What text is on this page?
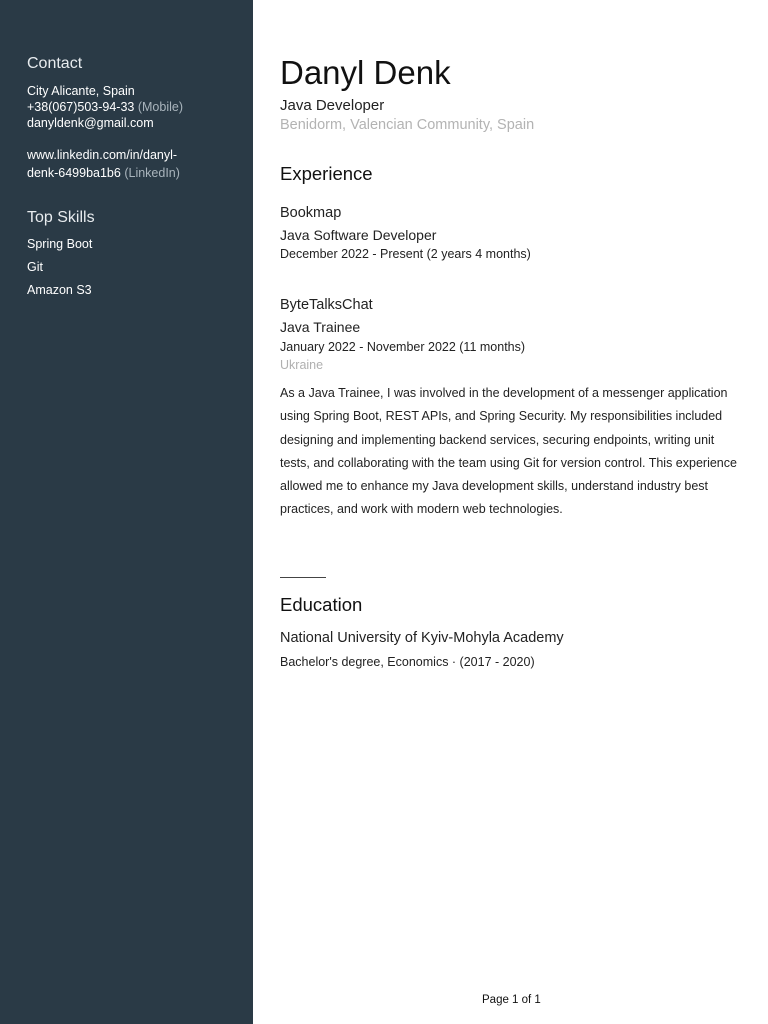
Contact
City Alicante, Spain
+38(067)503-94-33 (Mobile)
danyldenk@gmail.com
www.linkedin.com/in/danyl-
denk-6499ba1b6 (LinkedIn)
Top Skills
Spring Boot
Git
Amazon S3
Danyl Denk
Java Developer
Benidorm, Valencian Community, Spain
Experience
Bookmap
Java Software Developer
December 2022 - Present (2 years 4 months)
ByteTalksChat
Java Trainee
January 2022 - November 2022 (11 months)
Ukraine
As a Java Trainee, I was involved in the development of a messenger application using Spring Boot, REST APIs, and Spring Security. My responsibilities included designing and implementing backend services, securing endpoints, writing unit tests, and collaborating with the team using Git for version control. This experience allowed me to enhance my Java development skills, understand industry best practices, and work with modern web technologies.
Education
National University of Kyiv-Mohyla Academy
Bachelor's degree, Economics · (2017 - 2020)
Page 1 of 1
